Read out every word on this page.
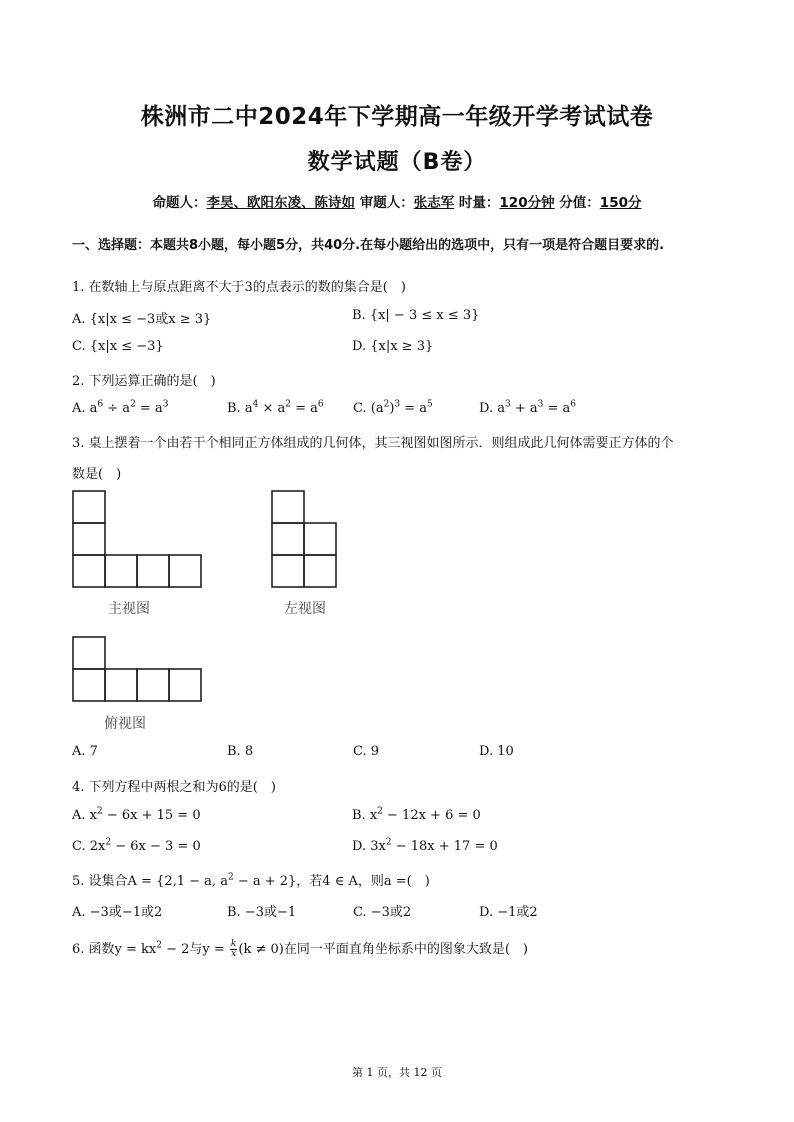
株洲市二中2024年下学期高一年级开学考试试卷
数学试题（B卷）
命题人：李昊、欧阳东凌、陈诗如 审题人：张志军 时量：120分钟 分值：150分
一、选择题：本题共8小题，每小题5分，共40分.在每小题给出的选项中，只有一项是符合题目要求的.
1. 在数轴上与原点距离不大于3的点表示的数的集合是(　)
A. {x|x ≤ −3或x ≥ 3}	B. {x| − 3 ≤ x ≤ 3}
C. {x|x ≤ −3}	D. {x|x ≥ 3}
2. 下列运算正确的是(　)
A. $a^6 \div a^2 = a^3$	B. $a^4 \times a^2 = a^6$ C. $(a^2)^3 = a^5$	D. $a^3 + a^3 = a^6$
3. 桌上摆着一个由若干个相同正方体组成的几何体，其三视图如图所示．则组成此几何体需要正方体的个
数是(　)
主视图	左视图
俯视图
A. 7	B. 8	C. 9	D. 10
4. 下列方程中两根之和为6的是(　)
A. $x^2 - 6x + 15 = 0$	B. $x^2 - 12x + 6 = 0$
C. $2x^2 - 6x - 3 = 0$	D. $3x^2 - 18x + 17 = 0$
5. 设集合A = {2,1 − a, $a^2 - a + 2$}，若4 ∈ A，则a =(　)
A. −3或−1或2	B. −3或−1	C. −3或2	D. −1或2
6. 函数$y = kx^2 - 2$与$y = \frac{k}{x} (k \ne 0)$在同一平面直角坐标系中的图象大致是(　)
第 1 页，共 12 页
